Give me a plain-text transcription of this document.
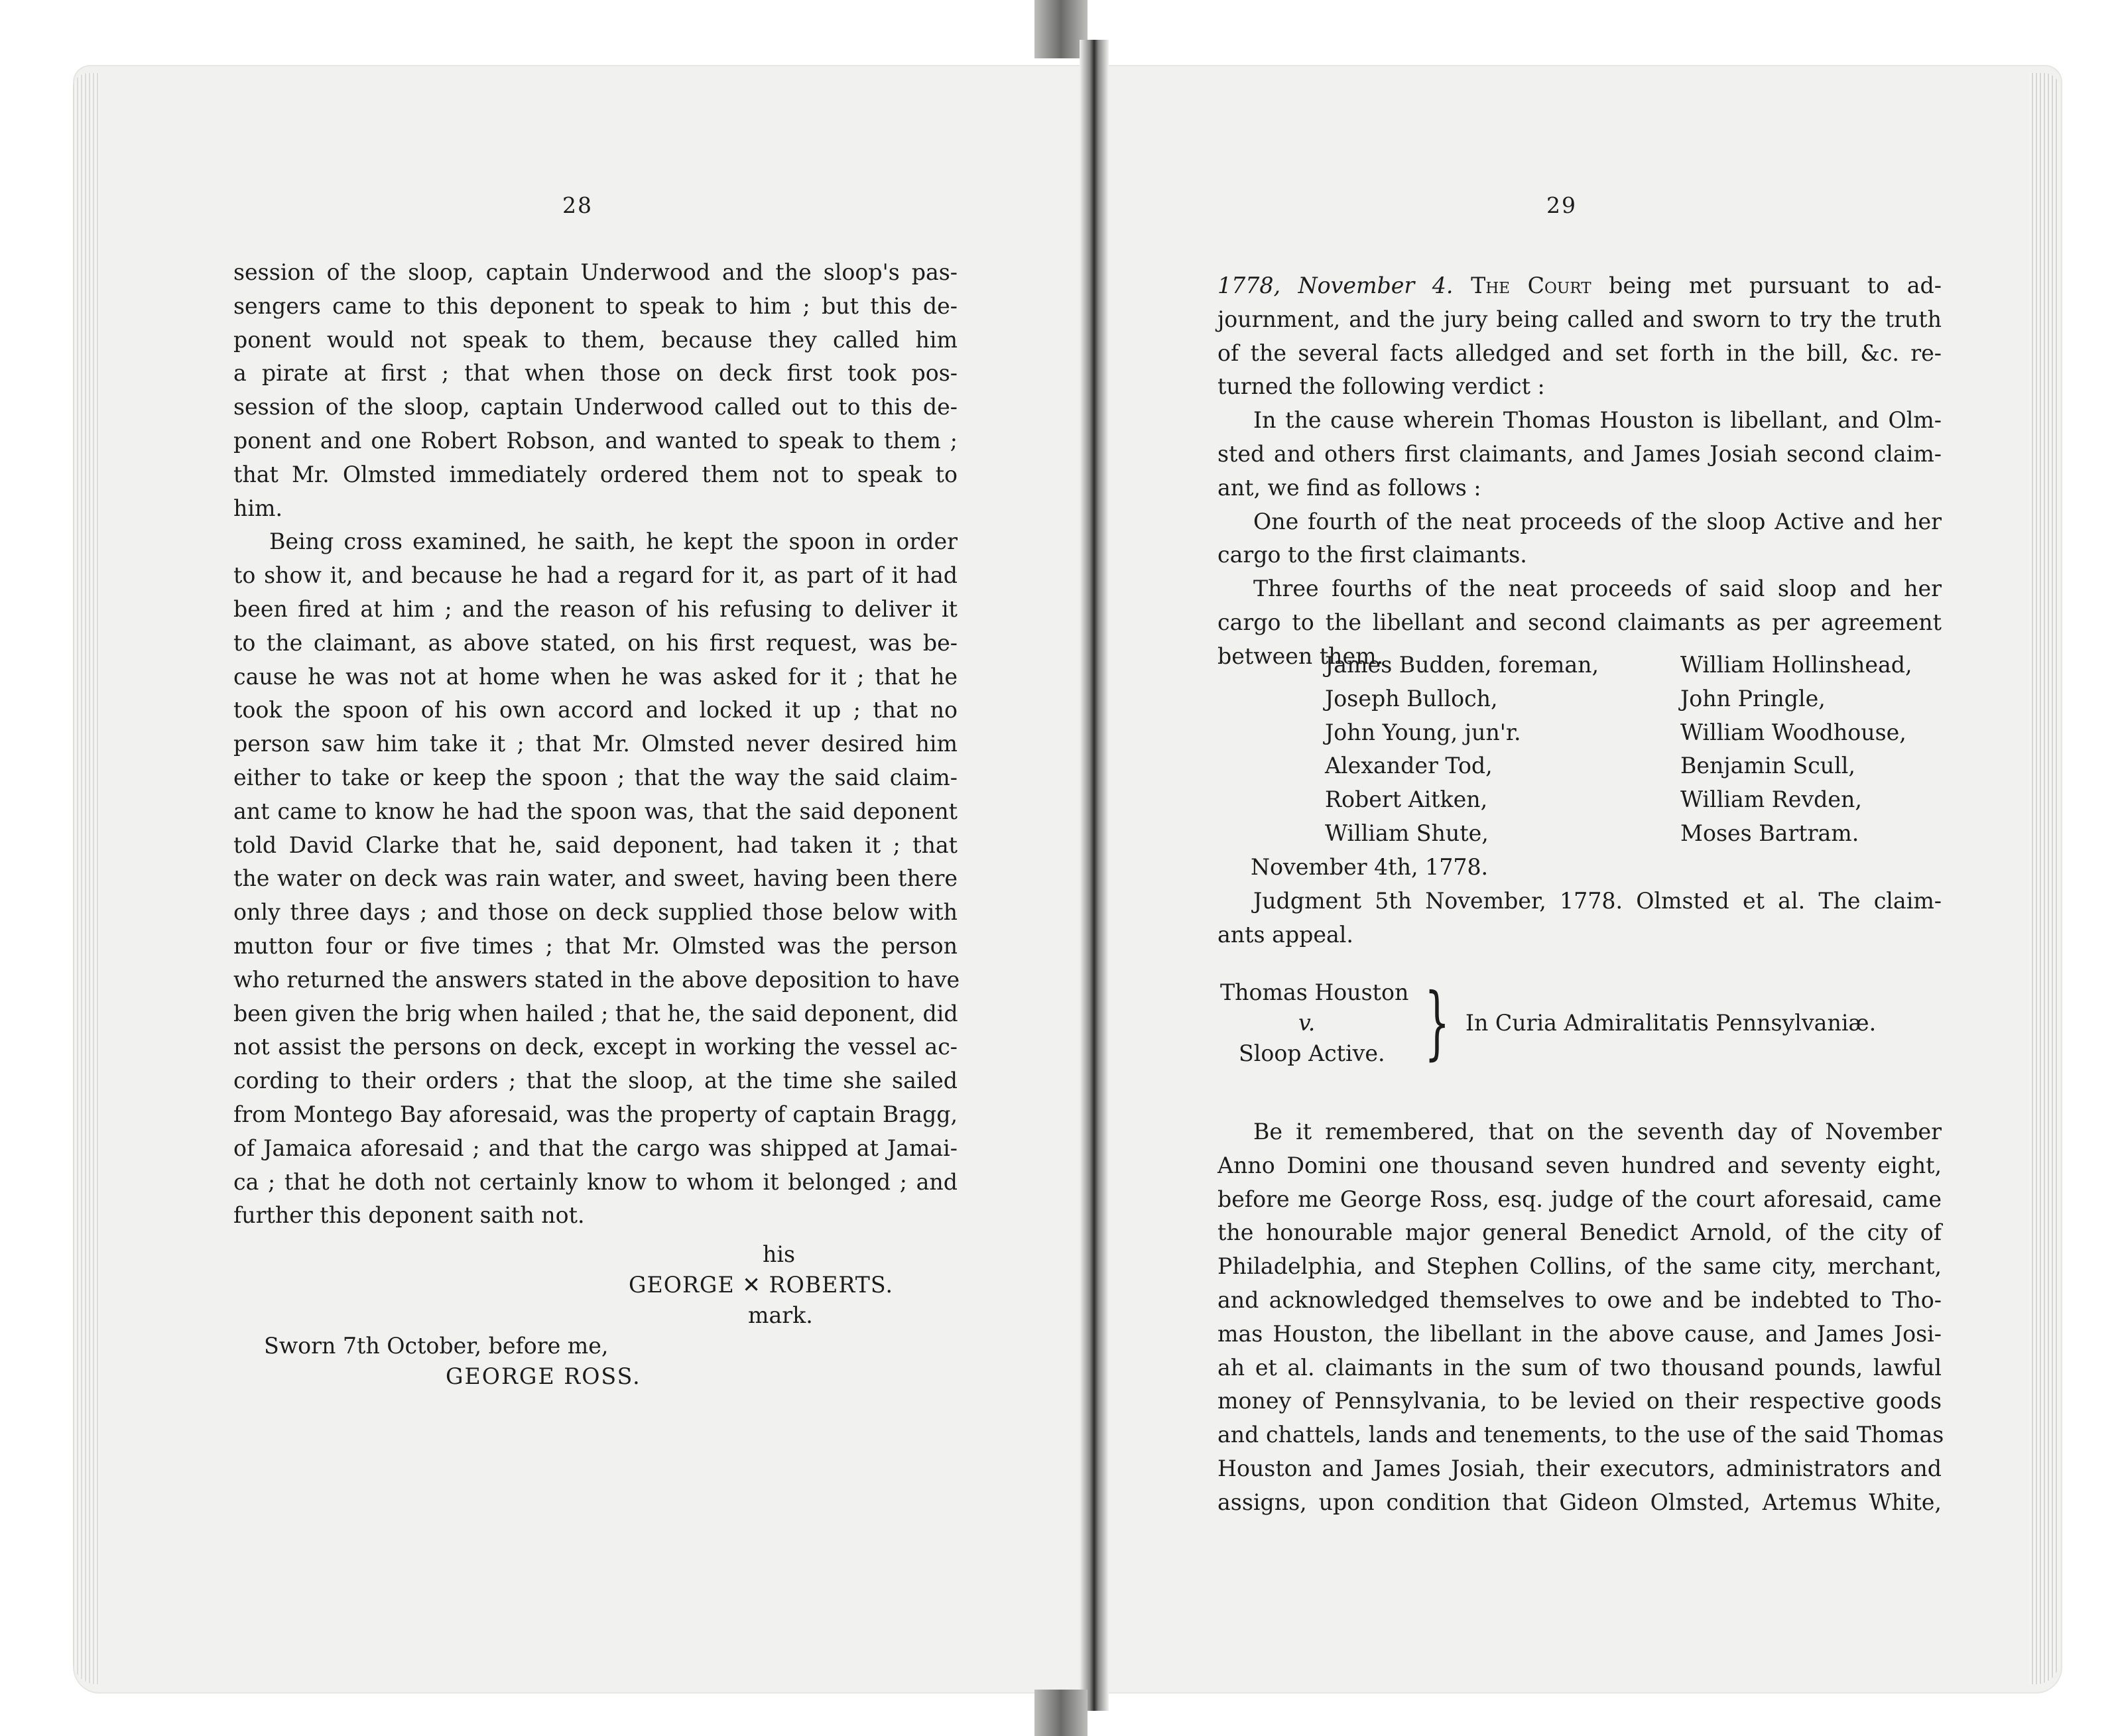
28
session of the sloop, captain Underwood and the sloop's pas-
sengers came to this deponent to speak to him ; but this de-
ponent would not speak to them, because they called him
a pirate at first ; that when those on deck first took pos-
session of the sloop, captain Underwood called out to this de-
ponent and one Robert Robson, and wanted to speak to them ;
that Mr. Olmsted immediately ordered them not to speak to
him.
Being cross examined, he saith, he kept the spoon in order
to show it, and because he had a regard for it, as part of it had
been fired at him ; and the reason of his refusing to deliver it
to the claimant, as above stated, on his first request, was be-
cause he was not at home when he was asked for it ; that he
took the spoon of his own accord and locked it up ; that no
person saw him take it ; that Mr. Olmsted never desired him
either to take or keep the spoon ; that the way the said claim-
ant came to know he had the spoon was, that the said deponent
told David Clarke that he, said deponent, had taken it ; that
the water on deck was rain water, and sweet, having been there
only three days ; and those on deck supplied those below with
mutton four or five times ; that Mr. Olmsted was the person
who returned the answers stated in the above deposition to have
been given the brig when hailed ; that he, the said deponent, did
not assist the persons on deck, except in working the vessel ac-
cording to their orders ; that the sloop, at the time she sailed
from Montego Bay aforesaid, was the property of captain Bragg,
of Jamaica aforesaid ; and that the cargo was shipped at Jamai-
ca ; that he doth not certainly know to whom it belonged ; and
further this deponent saith not.
his
GEORGE ✕ ROBERTS.
mark.
Sworn 7th October, before me,
GEORGE ROSS.
29
1778, November 4. The Court being met pursuant to ad-
journment, and the jury being called and sworn to try the truth
of the several facts alledged and set forth in the bill, &c. re-
turned the following verdict :
In the cause wherein Thomas Houston is libellant, and Olm-
sted and others first claimants, and James Josiah second claim-
ant, we find as follows :
One fourth of the neat proceeds of the sloop Active and her
cargo to the first claimants.
Three fourths of the neat proceeds of said sloop and her
cargo to the libellant and second claimants as per agreement
between them.
James Budden, foreman,	William Hollinshead,
Joseph Bulloch,	John Pringle,
John Young, jun'r.	William Woodhouse,
Alexander Tod,	Benjamin Scull,
Robert Aitken,	William Revden,
William Shute,	Moses Bartram.
November 4th, 1778.
Judgment 5th November, 1778. Olmsted et al. The claim-
ants appeal.
Thomas Houston
v.
Sloop Active. } In Curia Admiralitatis Pennsylvaniæ.
Be it remembered, that on the seventh day of November
Anno Domini one thousand seven hundred and seventy eight,
before me George Ross, esq. judge of the court aforesaid, came
the honourable major general Benedict Arnold, of the city of
Philadelphia, and Stephen Collins, of the same city, merchant,
and acknowledged themselves to owe and be indebted to Tho-
mas Houston, the libellant in the above cause, and James Josi-
ah et al. claimants in the sum of two thousand pounds, lawful
money of Pennsylvania, to be levied on their respective goods
and chattels, lands and tenements, to the use of the said Thomas
Houston and James Josiah, their executors, administrators and
assigns, upon condition that Gideon Olmsted, Artemus White,
